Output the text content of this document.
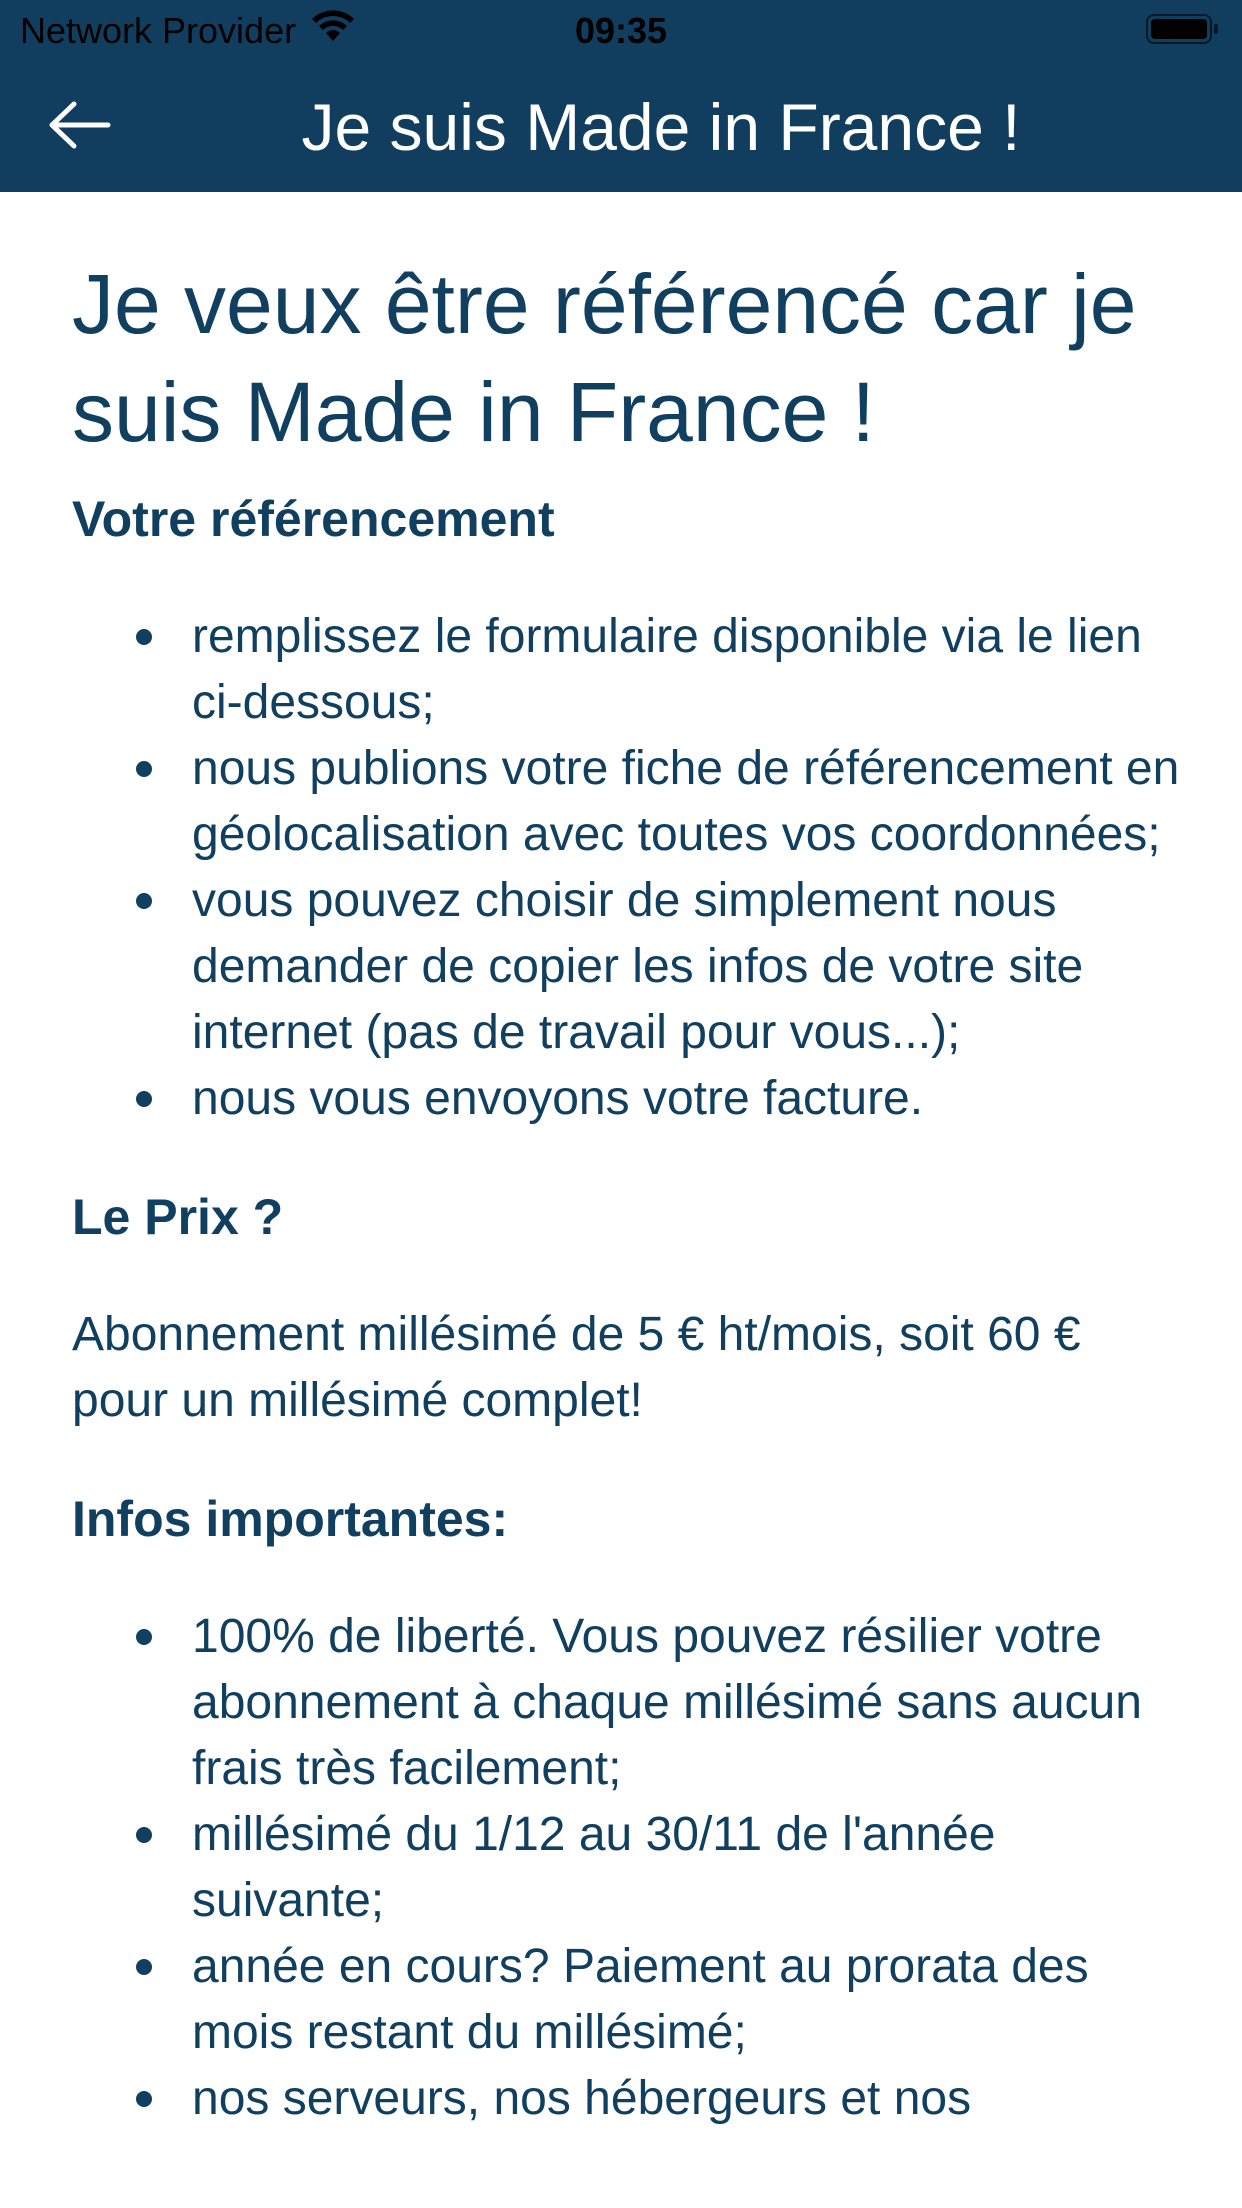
Network Provider	09:35
Je suis Made in France !
Je veux être référencé car je suis Made in France !
Votre référencement
remplissez le formulaire disponible via le lien ci-dessous;
nous publions votre fiche de référencement en géolocalisation avec toutes vos coordonnées;
vous pouvez choisir de simplement nous demander de copier les infos de votre site internet (pas de travail pour vous...);
nous vous envoyons votre facture.
Le Prix ?

Abonnement millésimé de 5 € ht/mois, soit 60 € pour un millésimé complet!

Infos importantes:
100% de liberté. Vous pouvez résilier votre abonnement à chaque millésimé sans aucun frais très facilement;
millésimé du 1/12 au 30/11 de l'année suivante;
année en cours? Paiement au prorata des mois restant du millésimé;
nos serveurs, nos hébergeurs et nos
